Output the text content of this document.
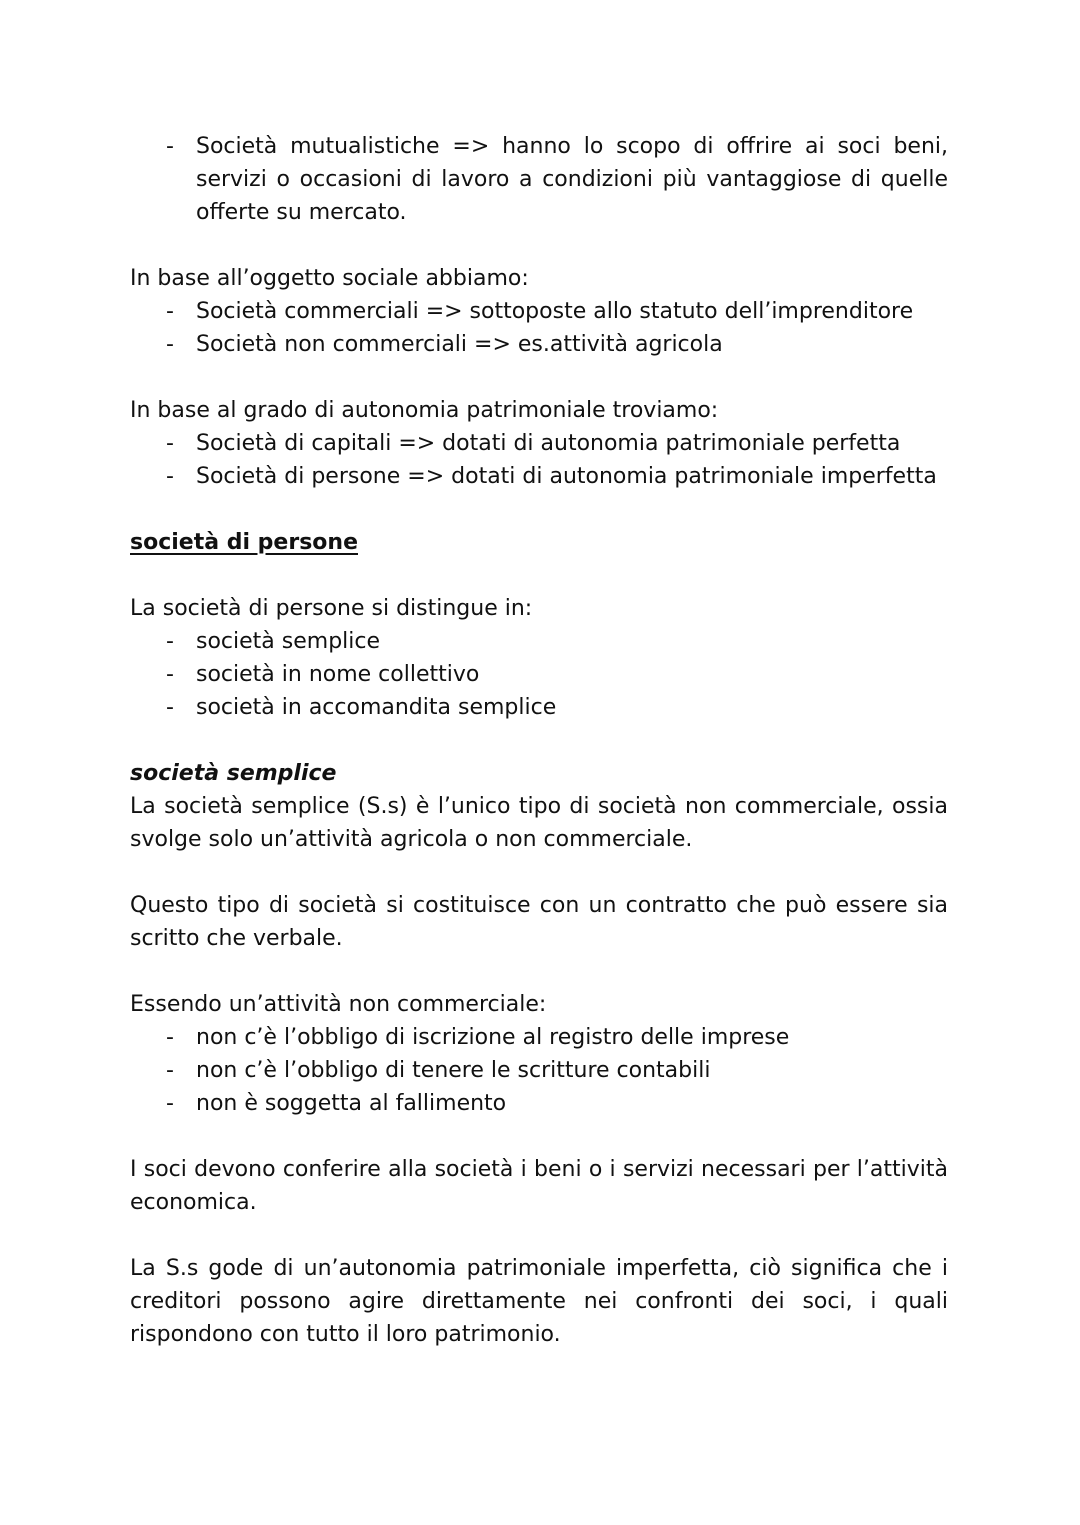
- Società mutualistiche => hanno lo scopo di offrire ai soci beni, servizi o occasioni di lavoro a condizioni più vantaggiose di quelle offerte su mercato.

In base all’oggetto sociale abbiamo:

- Società commerciali => sottoposte allo statuto dell’imprenditore
- Società non commerciali => es.attività agricola

In base al grado di autonomia patrimoniale troviamo:

- Società di capitali => dotati di autonomia patrimoniale perfetta
- Società di persone => dotati di autonomia patrimoniale imperfetta

società di persone

La società di persone si distingue in:

- società semplice
- società in nome collettivo
- società in accomandita semplice

società semplice

La società semplice (S.s) è l’unico tipo di società non commerciale, ossia svolge solo un’attività agricola o non commerciale.

Questo tipo di società si costituisce con un contratto che può essere sia scritto che verbale.

Essendo un’attività non commerciale:

- non c’è l’obbligo di iscrizione al registro delle imprese
- non c’è l’obbligo di tenere le scritture contabili
- non è soggetta al fallimento

I soci devono conferire alla società i beni o i servizi necessari per l’attività economica.

La S.s gode di un’autonomia patrimoniale imperfetta, ciò significa che i creditori possono agire direttamente nei confronti dei soci, i quali rispondono con tutto il loro patrimonio.
